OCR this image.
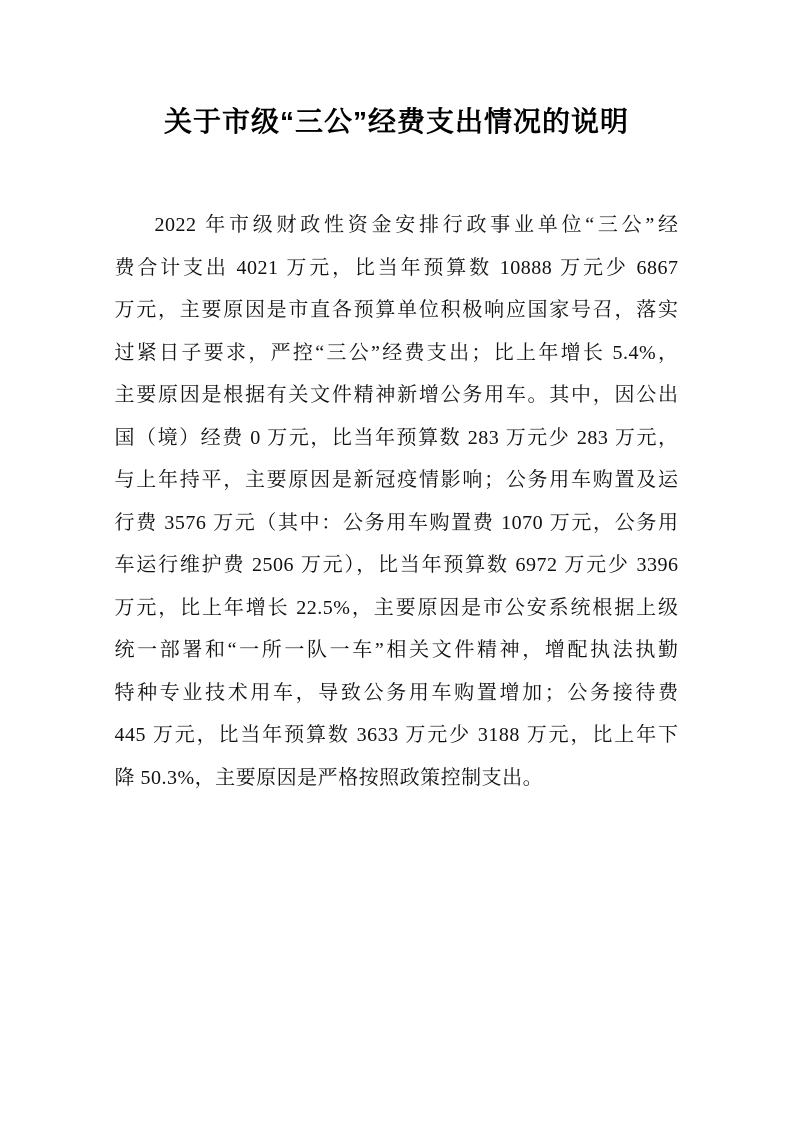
关于市级“三公”经费支出情况的说明
2022 年市级财政性资金安排行政事业单位“三公”经
费合计支出 4021 万元，比当年预算数 10888 万元少 6867
万元，主要原因是市直各预算单位积极响应国家号召，落实
过紧日子要求，严控“三公”经费支出；比上年增长 5.4%，
主要原因是根据有关文件精神新增公务用车。其中，因公出
国（境）经费 0 万元，比当年预算数 283 万元少 283 万元，
与上年持平，主要原因是新冠疫情影响；公务用车购置及运
行费 3576 万元（其中：公务用车购置费 1070 万元，公务用
车运行维护费 2506 万元），比当年预算数 6972 万元少 3396
万元，比上年增长 22.5%，主要原因是市公安系统根据上级
统一部署和“一所一队一车”相关文件精神，增配执法执勤
特种专业技术用车，导致公务用车购置增加；公务接待费
445 万元，比当年预算数 3633 万元少 3188 万元，比上年下
降 50.3%，主要原因是严格按照政策控制支出。
